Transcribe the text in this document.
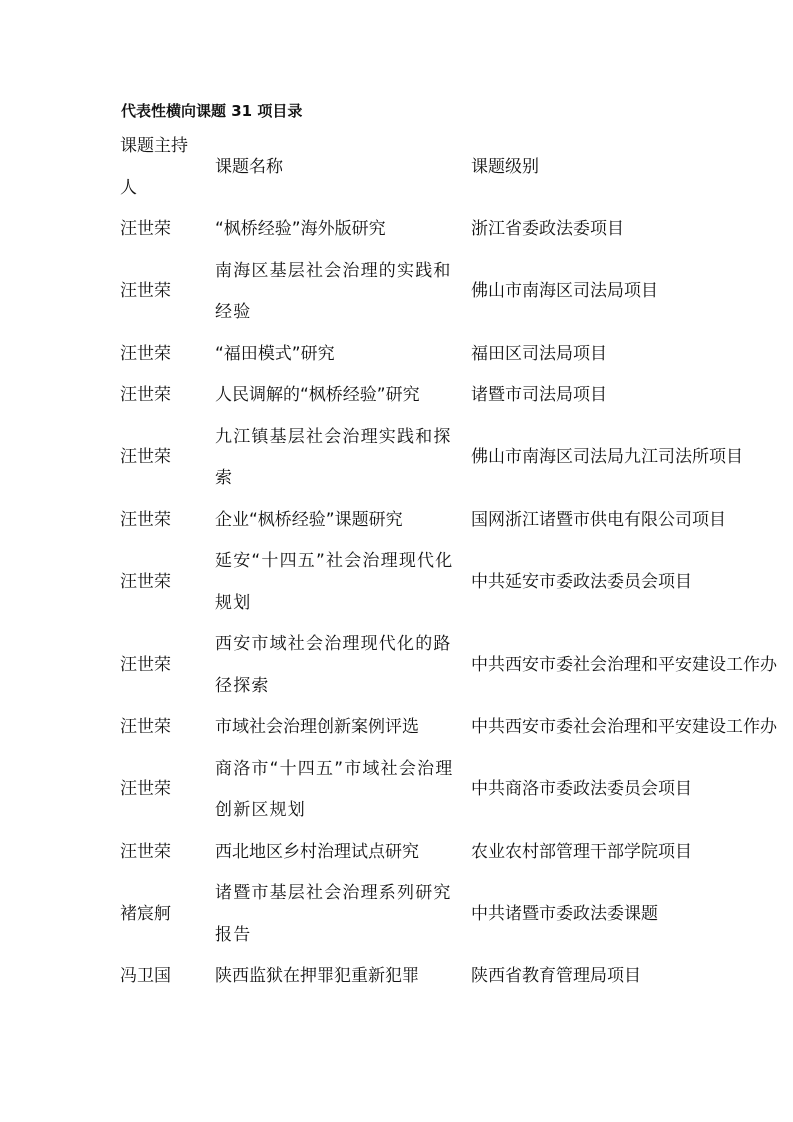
代表性横向课题 31 项目录
课题主持人	课题名称	课题级别
汪世荣	“枫桥经验”海外版研究	浙江省委政法委项目
汪世荣	南海区基层社会治理的实践和经验	佛山市南海区司法局项目
汪世荣	“福田模式”研究	福田区司法局项目
汪世荣	人民调解的“枫桥经验”研究	诸暨市司法局项目
汪世荣	九江镇基层社会治理实践和探索	佛山市南海区司法局九江司法所项目
汪世荣	企业“枫桥经验”课题研究	国网浙江诸暨市供电有限公司项目
汪世荣	延安“十四五”社会治理现代化规划	中共延安市委政法委员会项目
汪世荣	西安市域社会治理现代化的路径探索	中共西安市委社会治理和平安建设工作办
汪世荣	市域社会治理创新案例评选	中共西安市委社会治理和平安建设工作办
汪世荣	商洛市“十四五”市域社会治理创新区规划	中共商洛市委政法委员会项目
汪世荣	西北地区乡村治理试点研究	农业农村部管理干部学院项目
褚宸舸	诸暨市基层社会治理系列研究报告	中共诸暨市委政法委课题
冯卫国	陕西监狱在押罪犯重新犯罪	陕西省教育管理局项目
